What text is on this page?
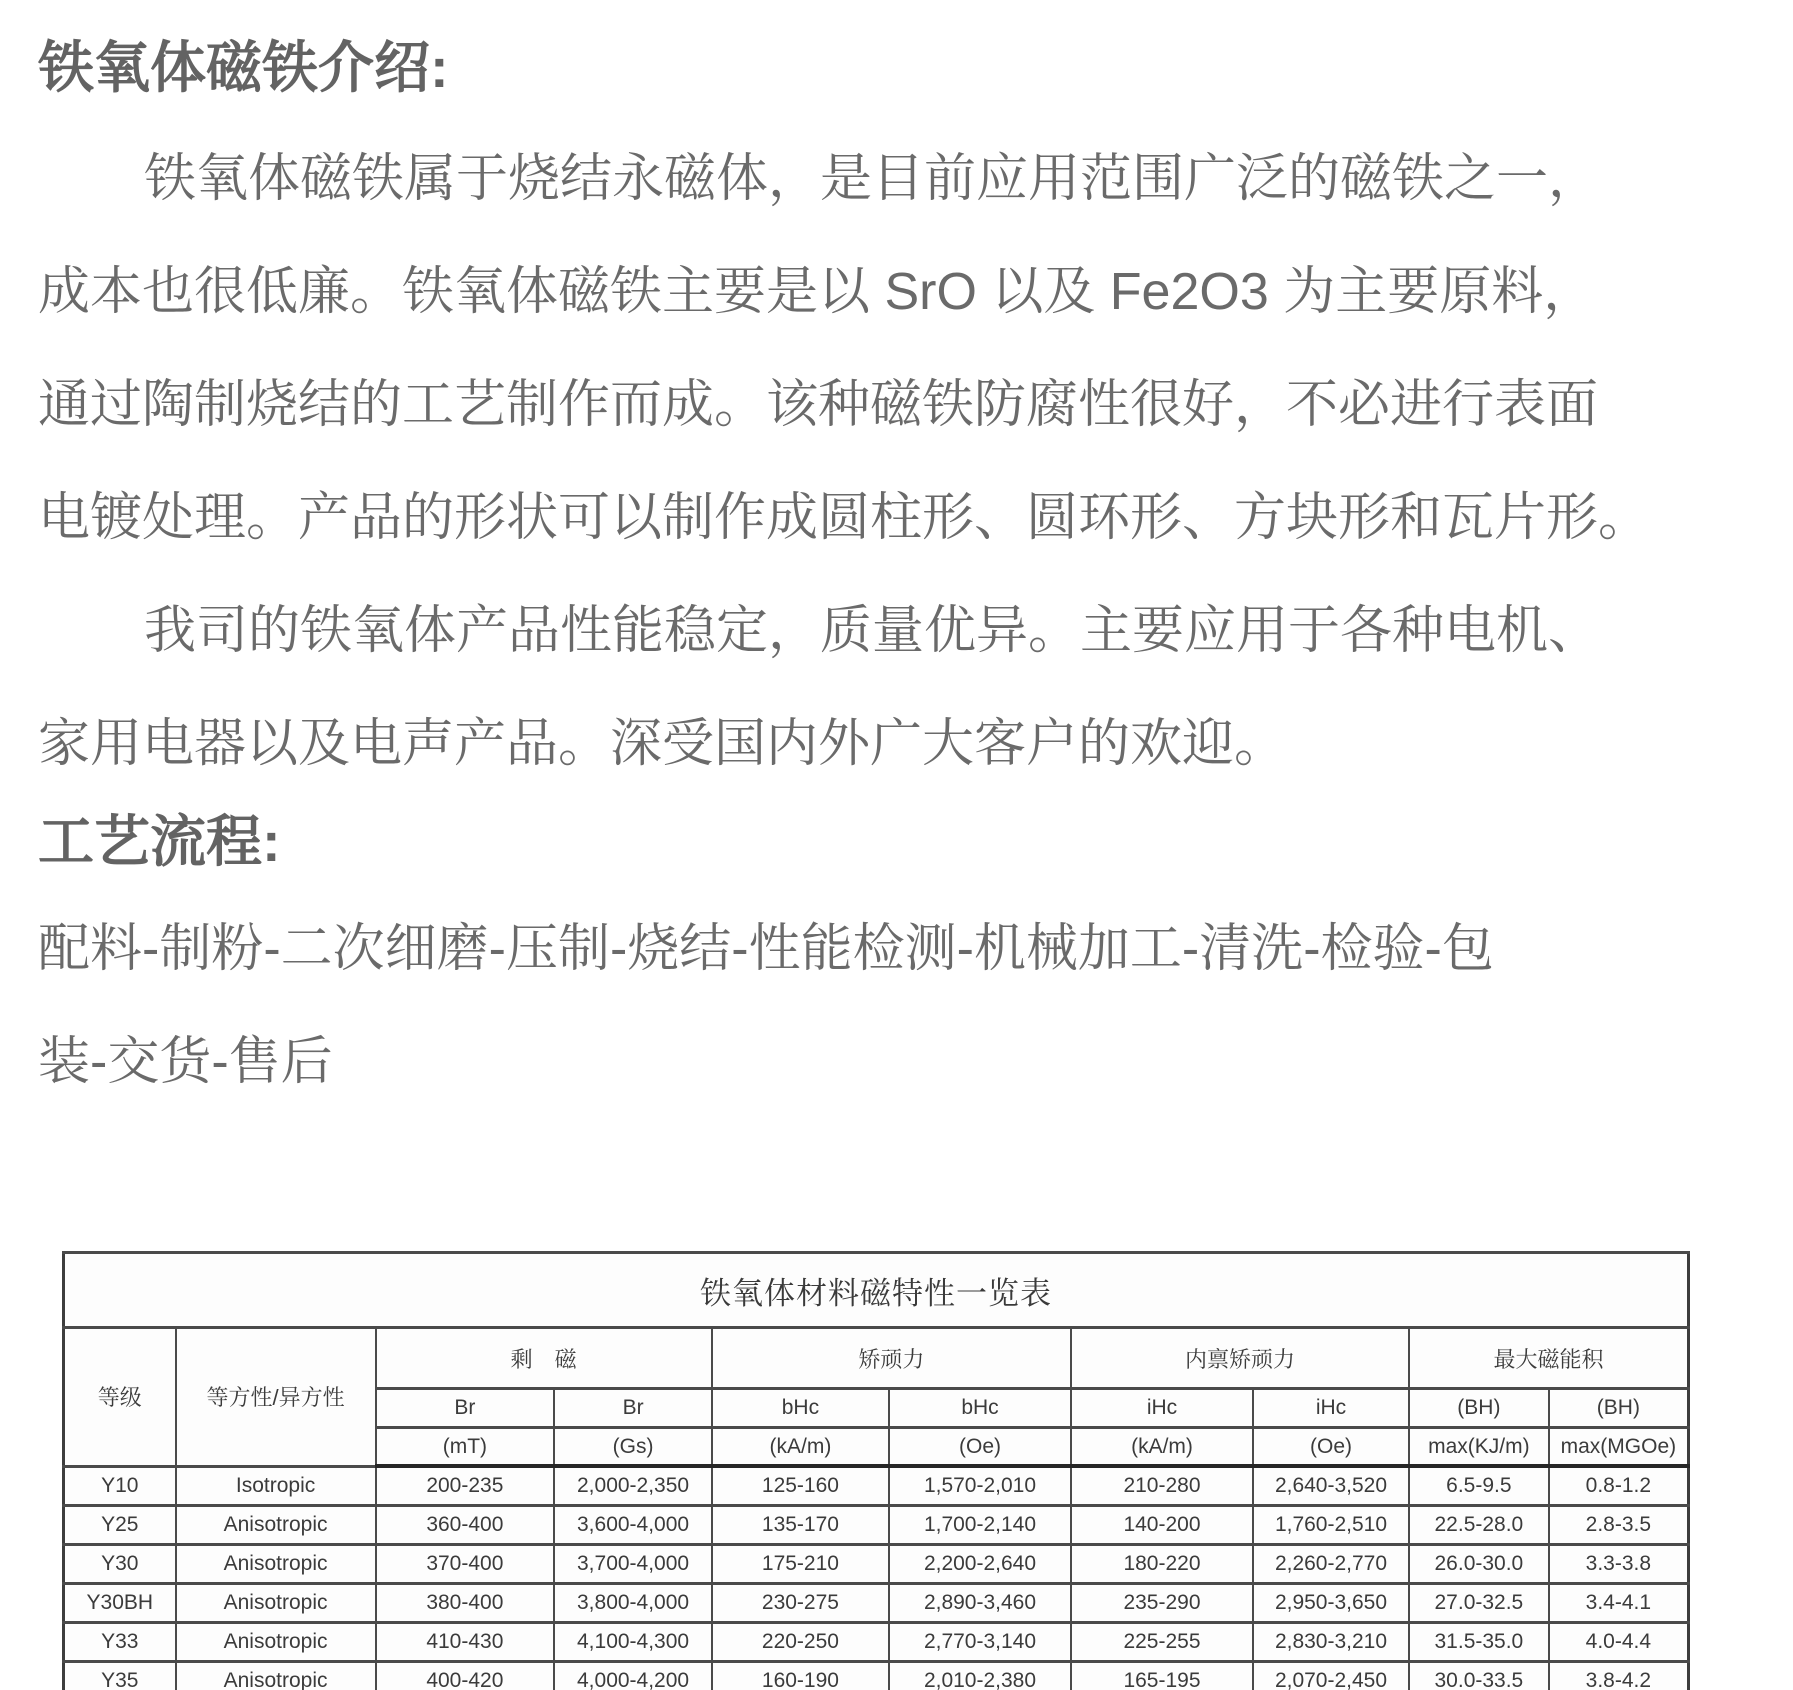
铁氧体磁铁介绍:
铁氧体磁铁属于烧结永磁体，是目前应用范围广泛的磁铁之一，
成本也很低廉。铁氧体磁铁主要是以 SrO 以及 Fe2O3 为主要原料，
通过陶制烧结的工艺制作而成。该种磁铁防腐性很好，不必进行表面
电镀处理。产品的形状可以制作成圆柱形、圆环形、方块形和瓦片形。
我司的铁氧体产品性能稳定，质量优异。主要应用于各种电机、
家用电器以及电声产品。深受国内外广大客户的欢迎。
工艺流程:
配料-制粉-二次细磨-压制-烧结-性能检测-机械加工-清洗-检验-包
装-交货-售后
铁氧体材料磁特性一览表									
等级	等方性/异方性	剩　磁		矫顽力		内禀矫顽力		最大磁能积	
		Br	Br	bHc	bHc	iHc	iHc	(BH)	(BH)
		(mT)	(Gs)	(kA/m)	(Oe)	(kA/m)	(Oe)	max(KJ/m)	max(MGOe)
Y10	Isotropic	200-235	2,000-2,350	125-160	1,570-2,010	210-280	2,640-3,520	6.5-9.5	0.8-1.2
Y25	Anisotropic	360-400	3,600-4,000	135-170	1,700-2,140	140-200	1,760-2,510	22.5-28.0	2.8-3.5
Y30	Anisotropic	370-400	3,700-4,000	175-210	2,200-2,640	180-220	2,260-2,770	26.0-30.0	3.3-3.8
Y30BH	Anisotropic	380-400	3,800-4,000	230-275	2,890-3,460	235-290	2,950-3,650	27.0-32.5	3.4-4.1
Y33	Anisotropic	410-430	4,100-4,300	220-250	2,770-3,140	225-255	2,830-3,210	31.5-35.0	4.0-4.4
Y35	Anisotropic	400-420	4,000-4,200	160-190	2,010-2,380	165-195	2,070-2,450	30.0-33.5	3.8-4.2
